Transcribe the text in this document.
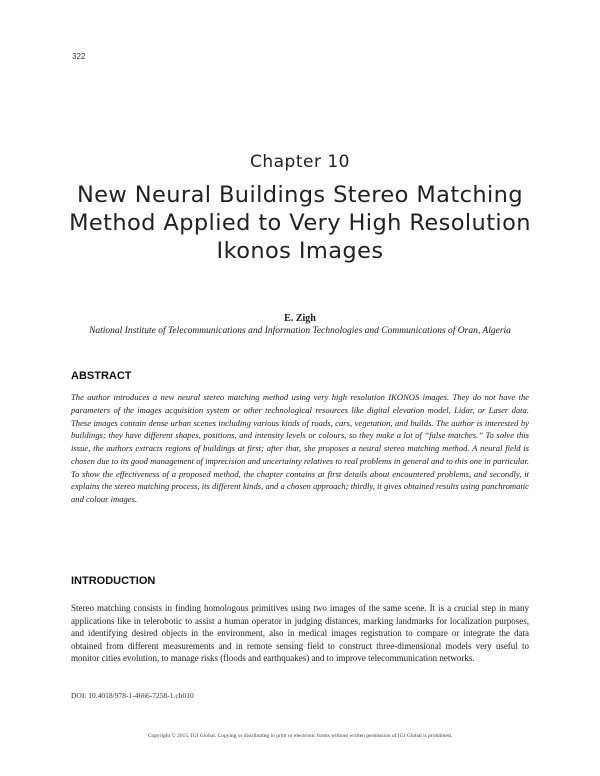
322
Chapter 10
New Neural Buildings Stereo Matching Method Applied to Very High Resolution Ikonos Images
E. Zigh
National Institute of Telecommunications and Information Technologies and Communications of Oran, Algeria
ABSTRACT

The author introduces a new neural stereo matching method using very high resolution IKONOS images. They do not have the parameters of the images acquisition system or other technological resources like digital elevation model, Lidar, or Laser data. These images contain dense urban scenes including various kinds of roads, cars, vegetation, and builds. The author is interested by buildings; they have different shapes, positions, and intensity levels or colours, so they make a lot of “false matches.” To solve this issue, the authors extracts regions of buildings at first; after that, she proposes a neural stereo matching method. A neural field is chosen due to its good management of imprecision and uncertainty relatives to real problems in general and to this one in particular. To show the effectiveness of a proposed method, the chapter contains at first details about encountered problems, and secondly, it explains the stereo matching process, its different kinds, and a chosen approach; thirdly, it gives obtained results using panchromatic and colour images.

INTRODUCTION

Stereo matching consists in finding homologous primitives using two images of the same scene. It is a crucial step in many applications like in telerobotic to assist a human operator in judging distances, marking landmarks for localization purposes, and identifying desired objects in the environment, also in medical images registration to compare or integrate the data obtained from different measurements and in remote sensing field to construct three-dimensional models very useful to monitor cities evolution, to manage risks (floods and earthquakes) and to improve telecommunication networks.

DOI: 10.4018/978-1-4666-7258-1.ch010
Copyright © 2015, IGI Global. Copying or distributing in print or electronic forms without written permission of IGI Global is prohibited.
